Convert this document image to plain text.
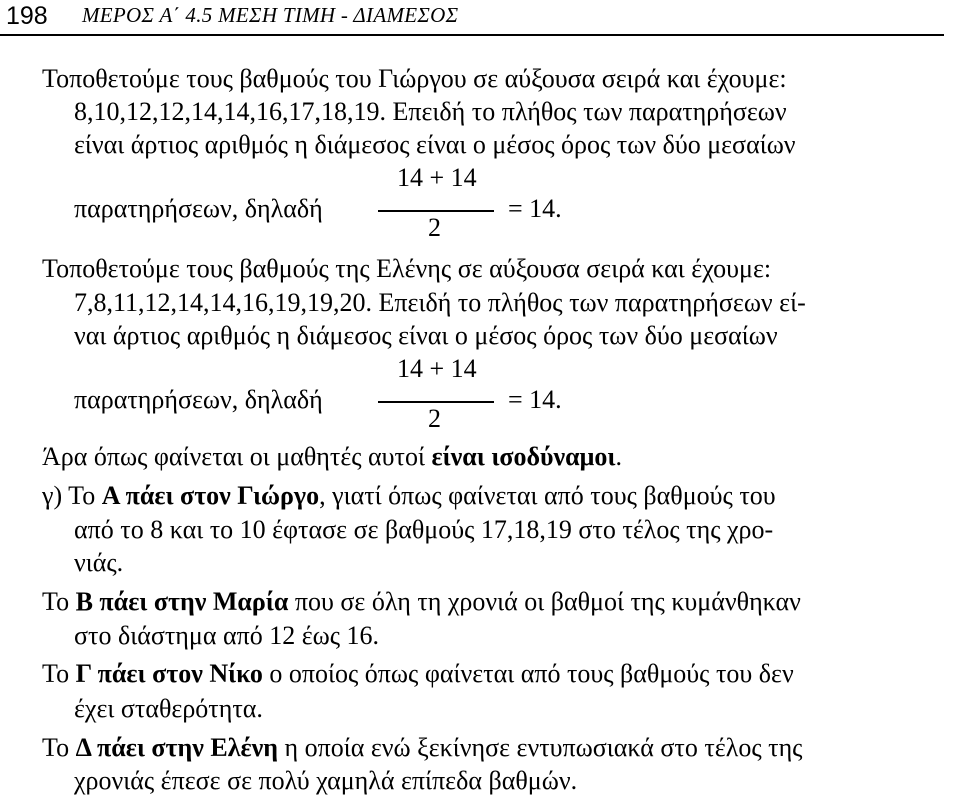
198 ΜΕΡΟΣ Α΄ 4.5 ΜΕΣΗ ΤΙΜΗ - ΔΙΑΜΕΣΟΣ
Τοποθετούμε τους βαθμούς του Γιώργου σε αύξουσα σειρά και έχουμε:
8,10,12,12,14,14,16,17,18,19. Επειδή το πλήθος των παρατηρήσεων
είναι άρτιος αριθμός η διάμεσος είναι ο μέσος όρος των δύο μεσαίων
παρατηρήσεων, δηλαδή
14 + 14
2
= 14.
Τοποθετούμε τους βαθμούς της Ελένης σε αύξουσα σειρά και έχουμε:
7,8,11,12,14,14,16,19,19,20. Επειδή το πλήθος των παρατηρήσεων εί-
ναι άρτιος αριθμός η διάμεσος είναι ο μέσος όρος των δύο μεσαίων
παρατηρήσεων, δηλαδή
14 + 14
2
= 14.
Άρα όπως φαίνεται οι μαθητές αυτοί είναι ισοδύναμοι.
γ) Το Α πάει στον Γιώργο, γιατί όπως φαίνεται από τους βαθμούς του
από το 8 και το 10 έφτασε σε βαθμούς 17,18,19 στο τέλος της χρο-
νιάς.
Το Β πάει στην Μαρία που σε όλη τη χρονιά οι βαθμοί της κυμάνθηκαν
στο διάστημα από 12 έως 16.
Το Γ πάει στον Νίκο ο οποίος όπως φαίνεται από τους βαθμούς του δεν
έχει σταθερότητα.
Το Δ πάει στην Ελένη η οποία ενώ ξεκίνησε εντυπωσιακά στο τέλος της
χρονιάς έπεσε σε πολύ χαμηλά επίπεδα βαθμών.
